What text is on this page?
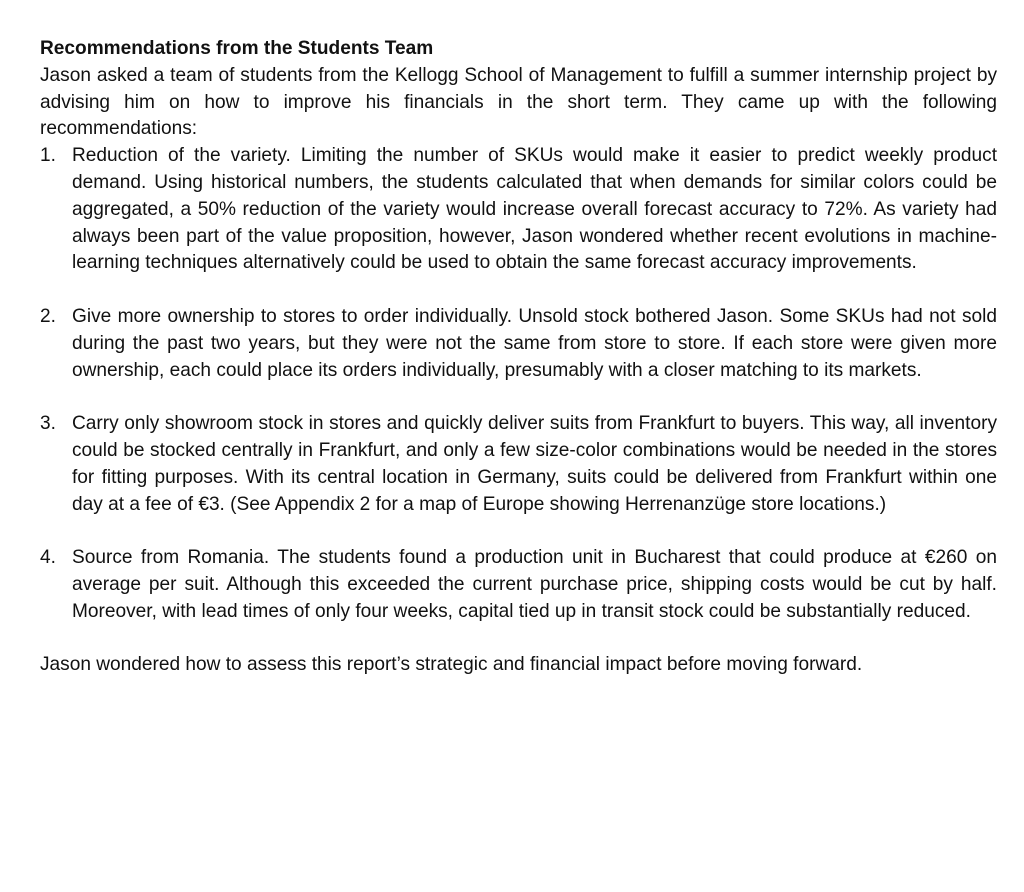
Recommendations from the Students Team

Jason asked a team of students from the Kellogg School of Management to fulfill a summer internship project by advising him on how to improve his financials in the short term. They came up with the following recommendations:

1. Reduction of the variety. Limiting the number of SKUs would make it easier to predict weekly product demand. Using historical numbers, the students calculated that when demands for similar colors could be aggregated, a 50% reduction of the variety would increase overall forecast accuracy to 72%. As variety had always been part of the value proposition, however, Jason wondered whether recent evolutions in machine-learning techniques alternatively could be used to obtain the same forecast accuracy improvements.
2. Give more ownership to stores to order individually. Unsold stock bothered Jason. Some SKUs had not sold during the past two years, but they were not the same from store to store. If each store were given more ownership, each could place its orders individually, presumably with a closer matching to its markets.
3. Carry only showroom stock in stores and quickly deliver suits from Frankfurt to buyers. This way, all inventory could be stocked centrally in Frankfurt, and only a few size-color combinations would be needed in the stores for fitting purposes. With its central location in Germany, suits could be delivered from Frankfurt within one day at a fee of €3. (See Appendix 2 for a map of Europe showing Herrenanzüge store locations.)
4. Source from Romania. The students found a production unit in Bucharest that could produce at €260 on average per suit. Although this exceeded the current purchase price, shipping costs would be cut by half. Moreover, with lead times of only four weeks, capital tied up in transit stock could be substantially reduced.

Jason wondered how to assess this report’s strategic and financial impact before moving forward.
